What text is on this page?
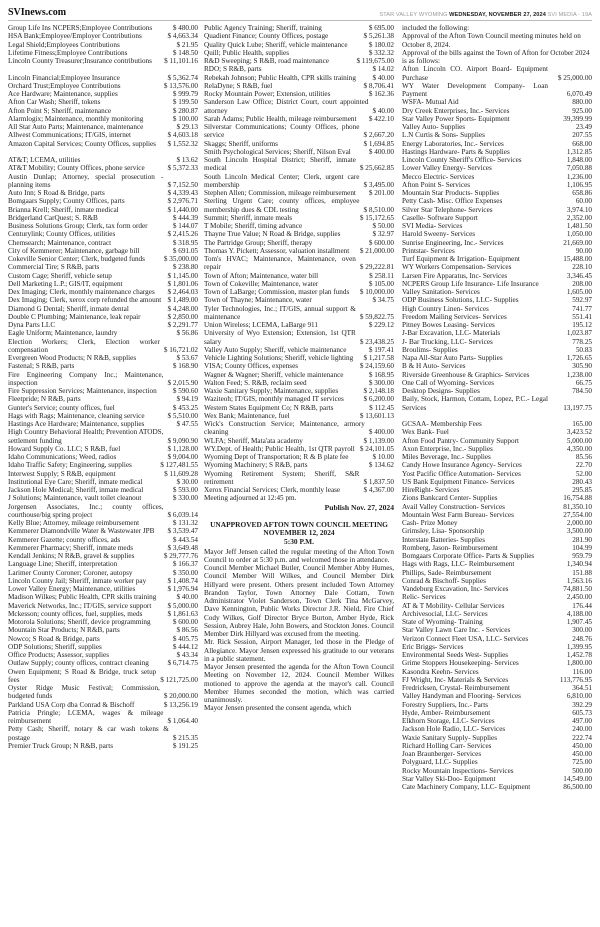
SVInews.com	STAR VALLEY WYOMING WEDNESDAY, NOVEMBER 27, 2024 SVI MEDIA - 19A
Group Life Ins NCPERS;Employee Contributions	$ 480.00
HSA Bank;Employee/Employer Contributions	$ 4,663.34
Legal Shield;Employees Contributions	$ 21.95
Lifetime Fitness;Employee Contributions	$ 148.50
Lincoln County Treasurer;Insurance contributions	$ 11,101.16
Lincoln Financial;Employee Insurance	$ 5,362.74
Orchard Trust;Employee Contributions	$ 13,576.00
Ace Hardware; Maintenance, supplies	$ 999.79
Afton Car Wash; Sheriff, tokens	$ 199.50
Afton Point S; Sheriff, maintenance	$ 280.87
Alarmlogix; Maintenance, monthly monitoring	$ 100.00
All Star Auto Parts; Maintenance, maintenance	$ 29.13
Allwest Communications; IT/GIS, internet	$ 4,603.18
Amazon Capital Services; County Offices, supplies	$ 1,552.32
AT&T; LCEMA, utilities	$ 13.62
AT&T Mobility; County Offices, phone service	$ 5,372.33
Austin Dunlap; Attorney, special prosecution - planning items	$ 7,152.50
Auto Inn; S Road & Bridge, parts	$ 4,339.43
Bomgaars Supply; County Offices, parts	$ 2,976.71
Brianna Krell; Sheriff, inmate medical	$ 1,440.00
Bridgerland CarQuest; S. R&B	$ 444.39
Business Solutions Group; Clerk, tax form order	$ 144.07
Centurylink; County Offices, utilities	$ 2,415.26
Chemsearch; Maintenance, contract	$ 318.95
City of Kemmerer; Maintenance, garbage bill	$ 691.05
Cokeville Senior Center; Clerk, budgeted funds	$ 35,000.00
Commercial Tire; S R&B, parts	$ 238.80
Custom Cage; Sheriff, vehicle setup	$ 1,145.00
Dell Marketing L.P.; GIS/IT, equipment	$ 1,801.06
Dex Imaging; Clerk, monthly maintenance charges	$ 2,464.03
Dex Imaging; Clerk, xerox corp refunded the amount $ 1,489.00
Diamond G Dental; Sheriff, inmate dental	$ 4,248.00
Double C Plumbing; Maintenance, leak repair	$ 2,850.00
Dyna Parts LLC	$ 2,291.77
Eagle Uniform; Maintenance, laundry	$ 56.86
Election Workers; Clerk, Election worker compensation	$ 16,721.02
Evergreen Wood Products; N R&B, supplies	$ 53.67
Fastenal; S R&B, parts	$ 168.90
Fire Engineering Company Inc.; Maintenance, inspection	$ 2,015.90
Fire Suppression Services; Maintenance, inspection	$ 590.60
Fleetpride; N R&B, parts	$ 94.19
Gunter's Service; county offices, fuel	$ 453.25
Hags with Rags; Maintenance, cleaning service	$ 5,510.00
Hastings Ace Hardware; Maintenance, supplies	$ 47.55
High Country Behavioral Health; Prevention ATODS, settlement funding	$ 9,090.90
Howard Supply Co. LLC; S R&B, fuel	$ 1,128.00
Idaho Communications; Weed, radios	$ 9,004.00
Idaho Traffic Safety; Engineering, supplies	$ 127,481.55
Interwest Supply; S R&B, equipment	$ 11,609.28
Institutional Eye Care; Sheriff, inmate medical	$ 30.00
Jackson Hole Medical; Sheriff, inmate medical	$ 593.00
J Solutions; Maintenance, vault toilet cleanout	$ 330.00
Jorgensen Associates, Inc.; county offices, courthouse/big spring project	$ 6,039.14
Kelly Blue; Attorney, mileage reimbursement	$ 131.32
Kemmerer Diamondville Water & Wastewater JPB	$ 3,539.47
Kemmerer Gazette; county offices, ads	$ 443.54
Kemmerer Pharmacy; Sheriff, inmate meds	$ 3,649.48
Kendall Jenkins; N R&B, gravel & supplies	$ 29,777.76
Language Line; Sheriff, interpretation	$ 166.37
Larimer County Coroner; Coroner, autopsy	$ 350.00
Lincoln County Jail; Sheriff, inmate worker pay	$ 1,408.74
Lower Valley Energy; Maintenance, utilities	$ 1,976.94
Madison Wilkes; Public Health, CPR skills training	$ 40.00
Maverick Networks, Inc.; IT/GIS, service support	$ 5,000.00
Mckesson; county offices, fuel, supplies, meds	$ 1,861.63
Motorola Solutions; Sheriff, device programming	$ 600.00
Mountain Star Products; N R&B, parts	$ 86.56
Nowco; S Road & Bridge, parts	$ 405.75
ODP Solutions; Sheriff, supplies	$ 444.12
Office Products; Assessor, supplies	$ 43.34
Outlaw Supply; county offices, contract cleaning	$ 6,714.75
Owen Equipment; S Road & Bridge, truck setup fees	$ 121,725.00
Oyster Ridge Music Festival; Commission, budgeted funds	$ 20,000.00
Parkland USA Corp dba Conrad & Bischoff	$ 13,256.19
Patricia Pringle; LCEMA, wages & mileage reimbursement	$ 1,064.40
Petty Cash; Sheriff, notary & car wash tokens & postage	$ 215.35
Premier Truck Group; N R&B, parts	$ 191.25
Public Agency Training; Sheriff, training	$ 695.00
Quadient Finance; County Offices, postage	$ 5,261.38
Quality Quick Lube; Sheriff, vehicle maintenance	$ 180.02
Quill; Public Health, supplies	$ 332.32
R&D Sweeping; S R&B, road maintenance	$ 119,675.00
RDO; S R&B, parts	$ 14.02
Rebekah Johnson; Public Health, CPR skills training	$ 40.00
RelaDyne; S R&B, fuel	$ 8,706.41
Rocky Mountain Power; Extension, utilities	$ 162.36
Sanderson Law Office; District Court, court appointed attorney	$ 40.00
Sarah Adams; Public Health, mileage reimbursement	$ 422.10
Silverstar Communications; County Offices, phone service	$ 2,667.20
Skaggs; Sheriff, uniforms	$ 1,694.85
Smith Psychological Services; Sheriff, Nilson Eval	$ 400.00
South Lincoln Hospital District; Sheriff, inmate medical	$ 25,662.85
South Lincoln Medical Center; Clerk, urgent care membership	$ 3,495.00
Stephen Allen; Commission, mileage reimbursement	$ 201.00
Sterling Urgent Care; county offices, employee membership dues & CDL testing	$ 8,510.00
Summit; Sheriff, inmate meals	$ 15,172.65
T Mobile; Sheriff, timing advance	$ 50.00
Thayne True Value; N Road & Bridge, supplies	$ 32.97
The Partridge Group; Sheriff, therapy	$ 600.00
Thomas Y. Pickett; Assessor, valuation installment	$ 21,000.00
Tom's HVAC; Maintenance, Maintenance, oven repair	$ 29,222.81
Town of Afton; Maintenance, water bill	$ 258.11
Town of Cokeville; Maintenance, water	$ 105.00
Town of LaBarge; Commission, master plan funds	$ 10,000.00
Town of Thayne; Maintenance, water	$ 34.75
Tyler Technologies, Inc.; IT/GIS, annual support & maintenance	$ 59,822.75
Union Wireless; LCEMA, LaBarge 911	$ 229.12
University of Wyo Extension; Extension, 1st QTR salary	$ 23,438.25
Valley Auto Supply; Sheriff, vehicle maintenance	$ 197.41
Vehicle Lighting Solutions; Sheriff, vehicle lighting	$ 1,217.58
VISA; County Offices, expenses	$ 24,159.60
Wagner & Wagner; Sheriff, vehicle maintenance	$ 168.95
Walton Feed; S. R&B, reclaim seed	$ 300.00
Waxie Sanitary Supply; Maintenance, supplies	$ 2,148.18
Waziteoh; IT/GIS, monthly managed IT services	$ 6,200.00
Western States Equipment Co; N R&B, parts	$ 112.45
Wex Bank; Maintenance, fuel	$ 13,601.13
Wick's Construction Service; Maintenance, armory cleaning	$ 400.00
WLFA; Sheriff, Mata'ata academy	$ 1,139.00
WY.Dept. of Health; Public Health, 1st QTR payroll $ 24,101.05
Wyoming Dept of Transportation; R & B plate fee	$ 10.00
Wyoming Machinery; S R&B, parts	$ 134.62
Wyoming Retirement System; Sheriff, S&R retirement	$ 1,837.50
Xerox Financial Services; Clerk, monthly lease	$ 4,367.00

Meeting adjourned at 12:45 pm.

Publish Nov. 27, 2024

UNAPPROVED AFTON TOWN COUNCIL MEETING
NOVEMBER 12, 2024
5:30 P.M.

Mayor Jeff Jensen called the regular meeting of the Afton Town Council to order at 5:30 p.m. and welcomed those in attendance.

Council Member Michael Butler, Council Member Abby Humes, Council Member Will Wilkes, and Council Member Dirk Hillyard were present. Others present included Town Attorney Brandon Taylor, Town Attorney Dale Cottam, Town Administrator Violet Sanderson, Town Clerk Tina McGarvey, Dave Kennington, Public Works Director J.R. Nield, Fire Chief Cody Wilkes, Golf Director Bryce Burton, Amber Hyde, Rick Session, Aubrey Hale, John Bowers, and Stockton Jones. Council Member Dirk Hillyard was excused from the meeting.

Mr. Rick Session, Airport Manager, led those in the Pledge of Allegiance. Mayor Jensen expressed his gratitude to our veterans in a public statement.

Mayor Jensen presented the agenda for the Afton Town Council Meeting on November 12, 2024. Council Member Wilkes motioned to approve the agenda at the mayor's call. Council Member Humes seconded the motion, which was carried unanimously.

Mayor Jensen presented the consent agenda, which

included the following:

Approval of the Afton Town Council meeting minutes held on October 8, 2024.

Approval of the bills against the Town of Afton for October 2024 is as follows:

Afton Lincoln CO. Airport Board- Equipment Purchase	$ 25,000.00
WY Water Development Company- Loan Payment	6,070.49
WSFA- Mutual Aid	880.00
Dry Creek Enterprises, Inc.- Services	925.00
Star Valley Power Sports- Equipment	39,399.99
Valley Auto- Supplies	23.49
L.N Curtis & Sons- Supplies	207.55
Energy Laboratories, Inc.- Services	668.00
Hastings Hardware- Parts & Supplies	1,312.85
Lincoln County Sheriff's Office- Services	1,848.00
Lower Valley Energy- Services	7,050.88
Mecco Electric- Services	1,236.00
Afton Point S- Services	1,106.95
Mountain Star Products- Supplies	658.86
Petty Cash- Misc. Office Expenses	60.00
Silver Star Telephone- Services	3,974.10
Caselle- Software Support	2,352.00
SVI Media- Services	1,481.50
Harold Sweeny- Services	1,050.00
Sunrise Engineering, Inc.- Services	21,669.00
Printstar- Services	90.00
Turf Equipment & Irrigation- Equipment	15,488.00
WY Workers Compensation- Services	228.10
Larsen Fire Apparatus, Inc- Services	3,346.45
NCPERS Group Life Insurance- Life Insurance	208.00
Valley Sanitation- Services	1,605.00
ODP Business Solutions, LLC- Supplies	592.97
High Country Linen- Services	741.77
Freedom Mailing Services- Services	551.41
Pitney Bowes Leasing- Services	195.12
J-Bar Excavation, LLC- Materials	1,023.87
J- Bar Trucking, LLC- Services	778.25
Broulims- Supplies	50.83
Napa All-Star Auto Parts- Supplies	1,726.65
B & H Auto- Services	305.90
Riverside Greenhouse & Graphics- Services	1,238.00
One Call of Wyoming- Services	66.75
Desktop Designs- Supplies	784.50
Baily, Stock, Harmon, Cottam, Lopez, P.C.- Legal Services	13,197.75
GCSAA- Membership Fees	165.00
Wex Bank- Fuel	3,423.52
Afton Food Pantry- Community Support	5,000.00
Axon Enterprise, Inc.- Supplies	4,350.00
Miles Beverage, Inc.- Supplies	85.56
Candy Howe Insurance Agency- Services	22.70
Yost Pacific Office Automation- Services	52.00
US Bank Equipment Finance- Services	280.43
HireRight- Services	295.85
Zions Bankcard Center- Supplies	16,754.88
Avail Valley Construction- Services	81,350.10
Mountain West Farm Bureau- Services	27,554.00
Cash- Prize Money	2,000.00
Grimsley, Lisa- Sponsorship	3,500.00
Interstate Batteries- Supplies	281.90
Romberg, Jason- Reimbursement	104.99
Bomgaars Corporate Office- Parts & Supplies	959.79
Hags with Rags, LLC- Reimbursement	1,340.94
Phillips, Sade- Reimbursement	151.88
Conrad & Bischoff- Supplies	1,563.16
Vandeburg Excavation, Inc- Services	74,881.50
Relic- Services	2,450.00
AT & T Mobility- Cellular Services	176.44
Archivesocial, LLC- Services	4,188.00
State of Wyoming- Training	1,907.45
Star Valley Lawn Care Inc. - Services	300.00
Verizon Connect Fleet USA, LLC- Services	248.76
Eric Briggs- Services	1,399.95
Environmental Seeds West- Supplies	1,452.78
Grime Stoppers Housekeeping- Services	1,800.00
Kasondra Keehn- Services	116.00
FJ Wright, Inc- Materials & Services	113,776.95
Fredricksen, Crystal- Reimbursement	364.51
Valley Handyman and Flooring- Services	6,810.00
Forestry Suppliers, Inc.- Parts	392.29
Hyde, Amber- Reimbursement	605.73
Elkhorn Storage, LLC- Services	497.00
Jackson Hole Radio, LLC- Services	240.00
Waxie Sanitary Supply- Supplies	222.74
Richard Holling Carr- Services	450.00
Joan Braunberger- Services	450.00
Polyguard, LLC- Supplies	725.00
Rocky Mountain Inspections- Services	500.00
Star Valley Ski-Doo- Equipment	14,549.00
Cate Machinery Company, LLC- Equipment	86,500.00
